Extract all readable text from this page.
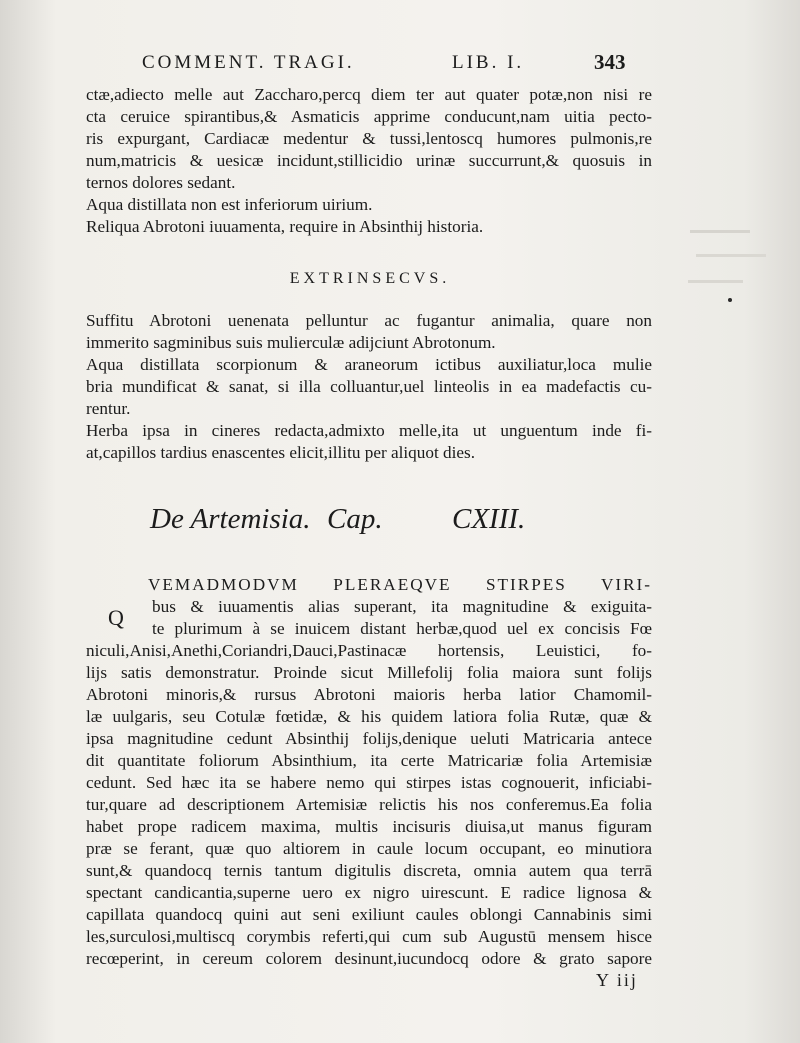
COMMENT. TRAGI.	LIB. I.	343
ctæ,adiecto melle aut Zaccharo,percq diem ter aut quater potæ,non nisi re
cta ceruice spirantibus,& Asmaticis apprime conducunt,nam uitia pecto-
ris expurgant, Cardiacæ medentur & tussi,lentoscq humores pulmonis,re
num,matricis & uesicæ incidunt,stillicidio urinæ succurrunt,& quosuis in
ternos dolores sedant.
Aqua distillata non est inferiorum uirium.
Reliqua Abrotoni iuuamenta, require in Absinthij historia.
EXTRINSECVS.
Suffitu Abrotoni uenenata pelluntur ac fugantur animalia, quare non
immerito sagminibus suis mulierculæ adijciunt Abrotonum.
Aqua distillata scorpionum & araneorum ictibus auxiliatur,loca mulie
bria mundificat & sanat, si illa colluantur,uel linteolis in ea madefactis cu-
rentur.
Herba ipsa in cineres redacta,admixto melle,ita ut unguentum inde fi-
at,capillos tardius enascentes elicit,illitu per aliquot dies.
De Artemisia. Cap. CXIII.
Q
VEMADMODVM PLERAEQVE STIRPES VIRI-
bus & iuuamentis alias superant, ita magnitudine & exiguita-
te plurimum à se inuicem distant herbæ,quod uel ex concisis Fœ
niculi,Anisi,Anethi,Coriandri,Dauci,Pastinacæ hortensis, Leuistici, fo-
lijs satis demonstratur. Proinde sicut Millefolij folia maiora sunt folijs
Abrotoni minoris,& rursus Abrotoni maioris herba latior Chamomil-
læ uulgaris, seu Cotulæ fœtidæ, & his quidem latiora folia Rutæ, quæ &
ipsa magnitudine cedunt Absinthij folijs,denique ueluti Matricaria antece
dit quantitate foliorum Absinthium, ita certe Matricariæ folia Artemisiæ
cedunt. Sed hæc ita se habere nemo qui stirpes istas cognouerit, inficiabi-
tur,quare ad descriptionem Artemisiæ relictis his nos conferemus.Ea folia
habet prope radicem maxima, multis incisuris diuisa,ut manus figuram
præ se ferant, quæ quo altiorem in caule locum occupant, eo minutiora
sunt,& quandocq ternis tantum digitulis discreta, omnia autem qua terrā
spectant candicantia,superne uero ex nigro uirescunt. E radice lignosa &
capillata quandocq quini aut seni exiliunt caules oblongi Cannabinis simi
les,surculosi,multiscq corymbis referti,qui cum sub Augustū mensem hisce
recœperint, in cereum colorem desinunt,iucundocq odore & grato sapore
Y iij
